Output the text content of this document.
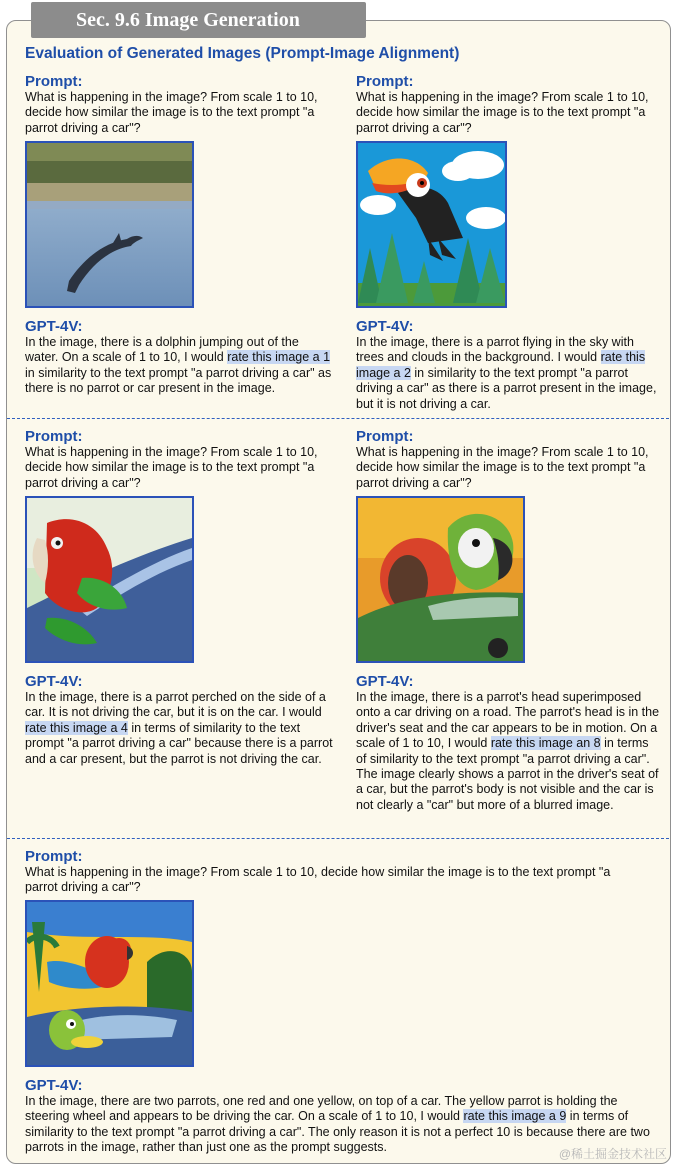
Sec. 9.6 Image Generation
Evaluation of Generated Images (Prompt-Image Alignment)
Prompt:
What is happening in the image? From scale 1 to 10, decide how similar the image is to the text prompt "a parrot driving a car"?
GPT-4V:
In the image, there is a dolphin jumping out of the water. On a scale of 1 to 10, I would rate this image a 1 in similarity to the text prompt "a parrot driving a car" as there is no parrot or car present in the image.
Prompt:
What is happening in the image? From scale 1 to 10, decide how similar the image is to the text prompt "a parrot driving a car"?
GPT-4V:
In the image, there is a parrot flying in the sky with trees and clouds in the background. I would rate this image a 2 in similarity to the text prompt "a parrot driving a car" as there is a parrot present in the image, but it is not driving a car.
Prompt:
What is happening in the image? From scale 1 to 10, decide how similar the image is to the text prompt "a parrot driving a car"?
GPT-4V:
In the image, there is a parrot perched on the side of a car. It is not driving the car, but it is on the car. I would rate this image a 4 in terms of similarity to the text prompt "a parrot driving a car" because there is a parrot and a car present, but the parrot is not driving the car.
Prompt:
What is happening in the image? From scale 1 to 10, decide how similar the image is to the text prompt "a parrot driving a car"?
GPT-4V:
In the image, there is a parrot's head superimposed onto a car driving on a road. The parrot's head is in the driver's seat and the car appears to be in motion. On a scale of 1 to 10, I would rate this image an 8 in terms of similarity to the text prompt "a parrot driving a car". The image clearly shows a parrot in the driver's seat of a car, but the parrot's body is not visible and the car is not clearly a "car" but more of a blurred image.
Prompt:
What is happening in the image? From scale 1 to 10, decide how similar the image is to the text prompt "a parrot driving a car"?
GPT-4V:
In the image, there are two parrots, one red and one yellow, on top of a car. The yellow parrot is holding the steering wheel and appears to be driving the car. On a scale of 1 to 10, I would rate this image a 9 in terms of similarity to the text prompt "a parrot driving a car". The only reason it is not a perfect 10 is because there are two parrots in the image, rather than just one as the prompt suggests.	@稀土掘金技术社区
